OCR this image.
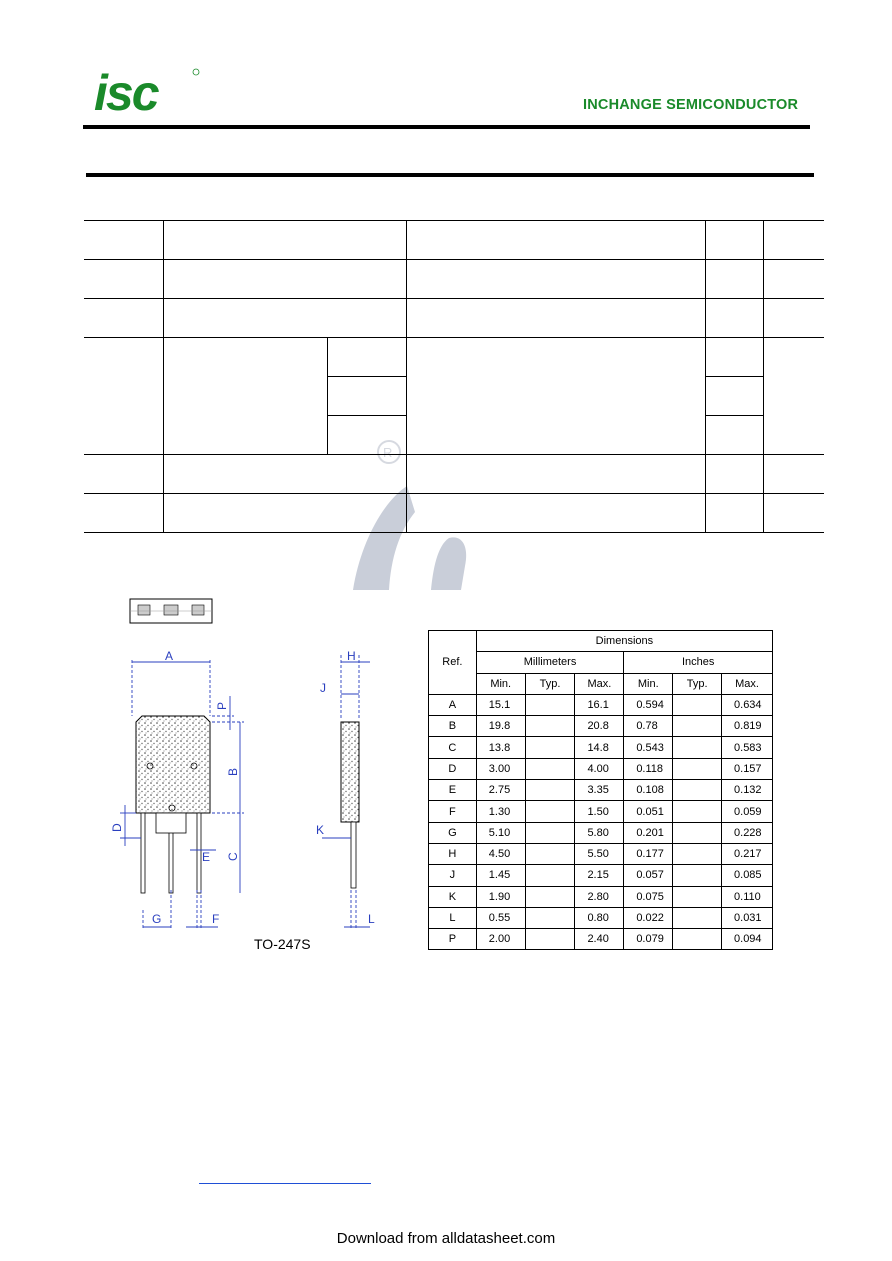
isc	INCHANGE SEMICONDUCTOR
R

A
B
C
D
E
F
G
H
J
K
L
P
TO-247S
Ref.	Dimensions					
	Millimeters			Inches		
	Min.	Typ.	Max.	Min.	Typ.	Max.
A	15.1		16.1	0.594		0.634
B	19.8		20.8	0.78		0.819
C	13.8		14.8	0.543		0.583
D	3.00		4.00	0.118		0.157
E	2.75		3.35	0.108		0.132
F	1.30		1.50	0.051		0.059
G	5.10		5.80	0.201		0.228
H	4.50		5.50	0.177		0.217
J	1.45		2.15	0.057		0.085
K	1.90		2.80	0.075		0.110
L	0.55		0.80	0.022		0.031
P	2.00		2.40	0.079		0.094
Download from alldatasheet.com
